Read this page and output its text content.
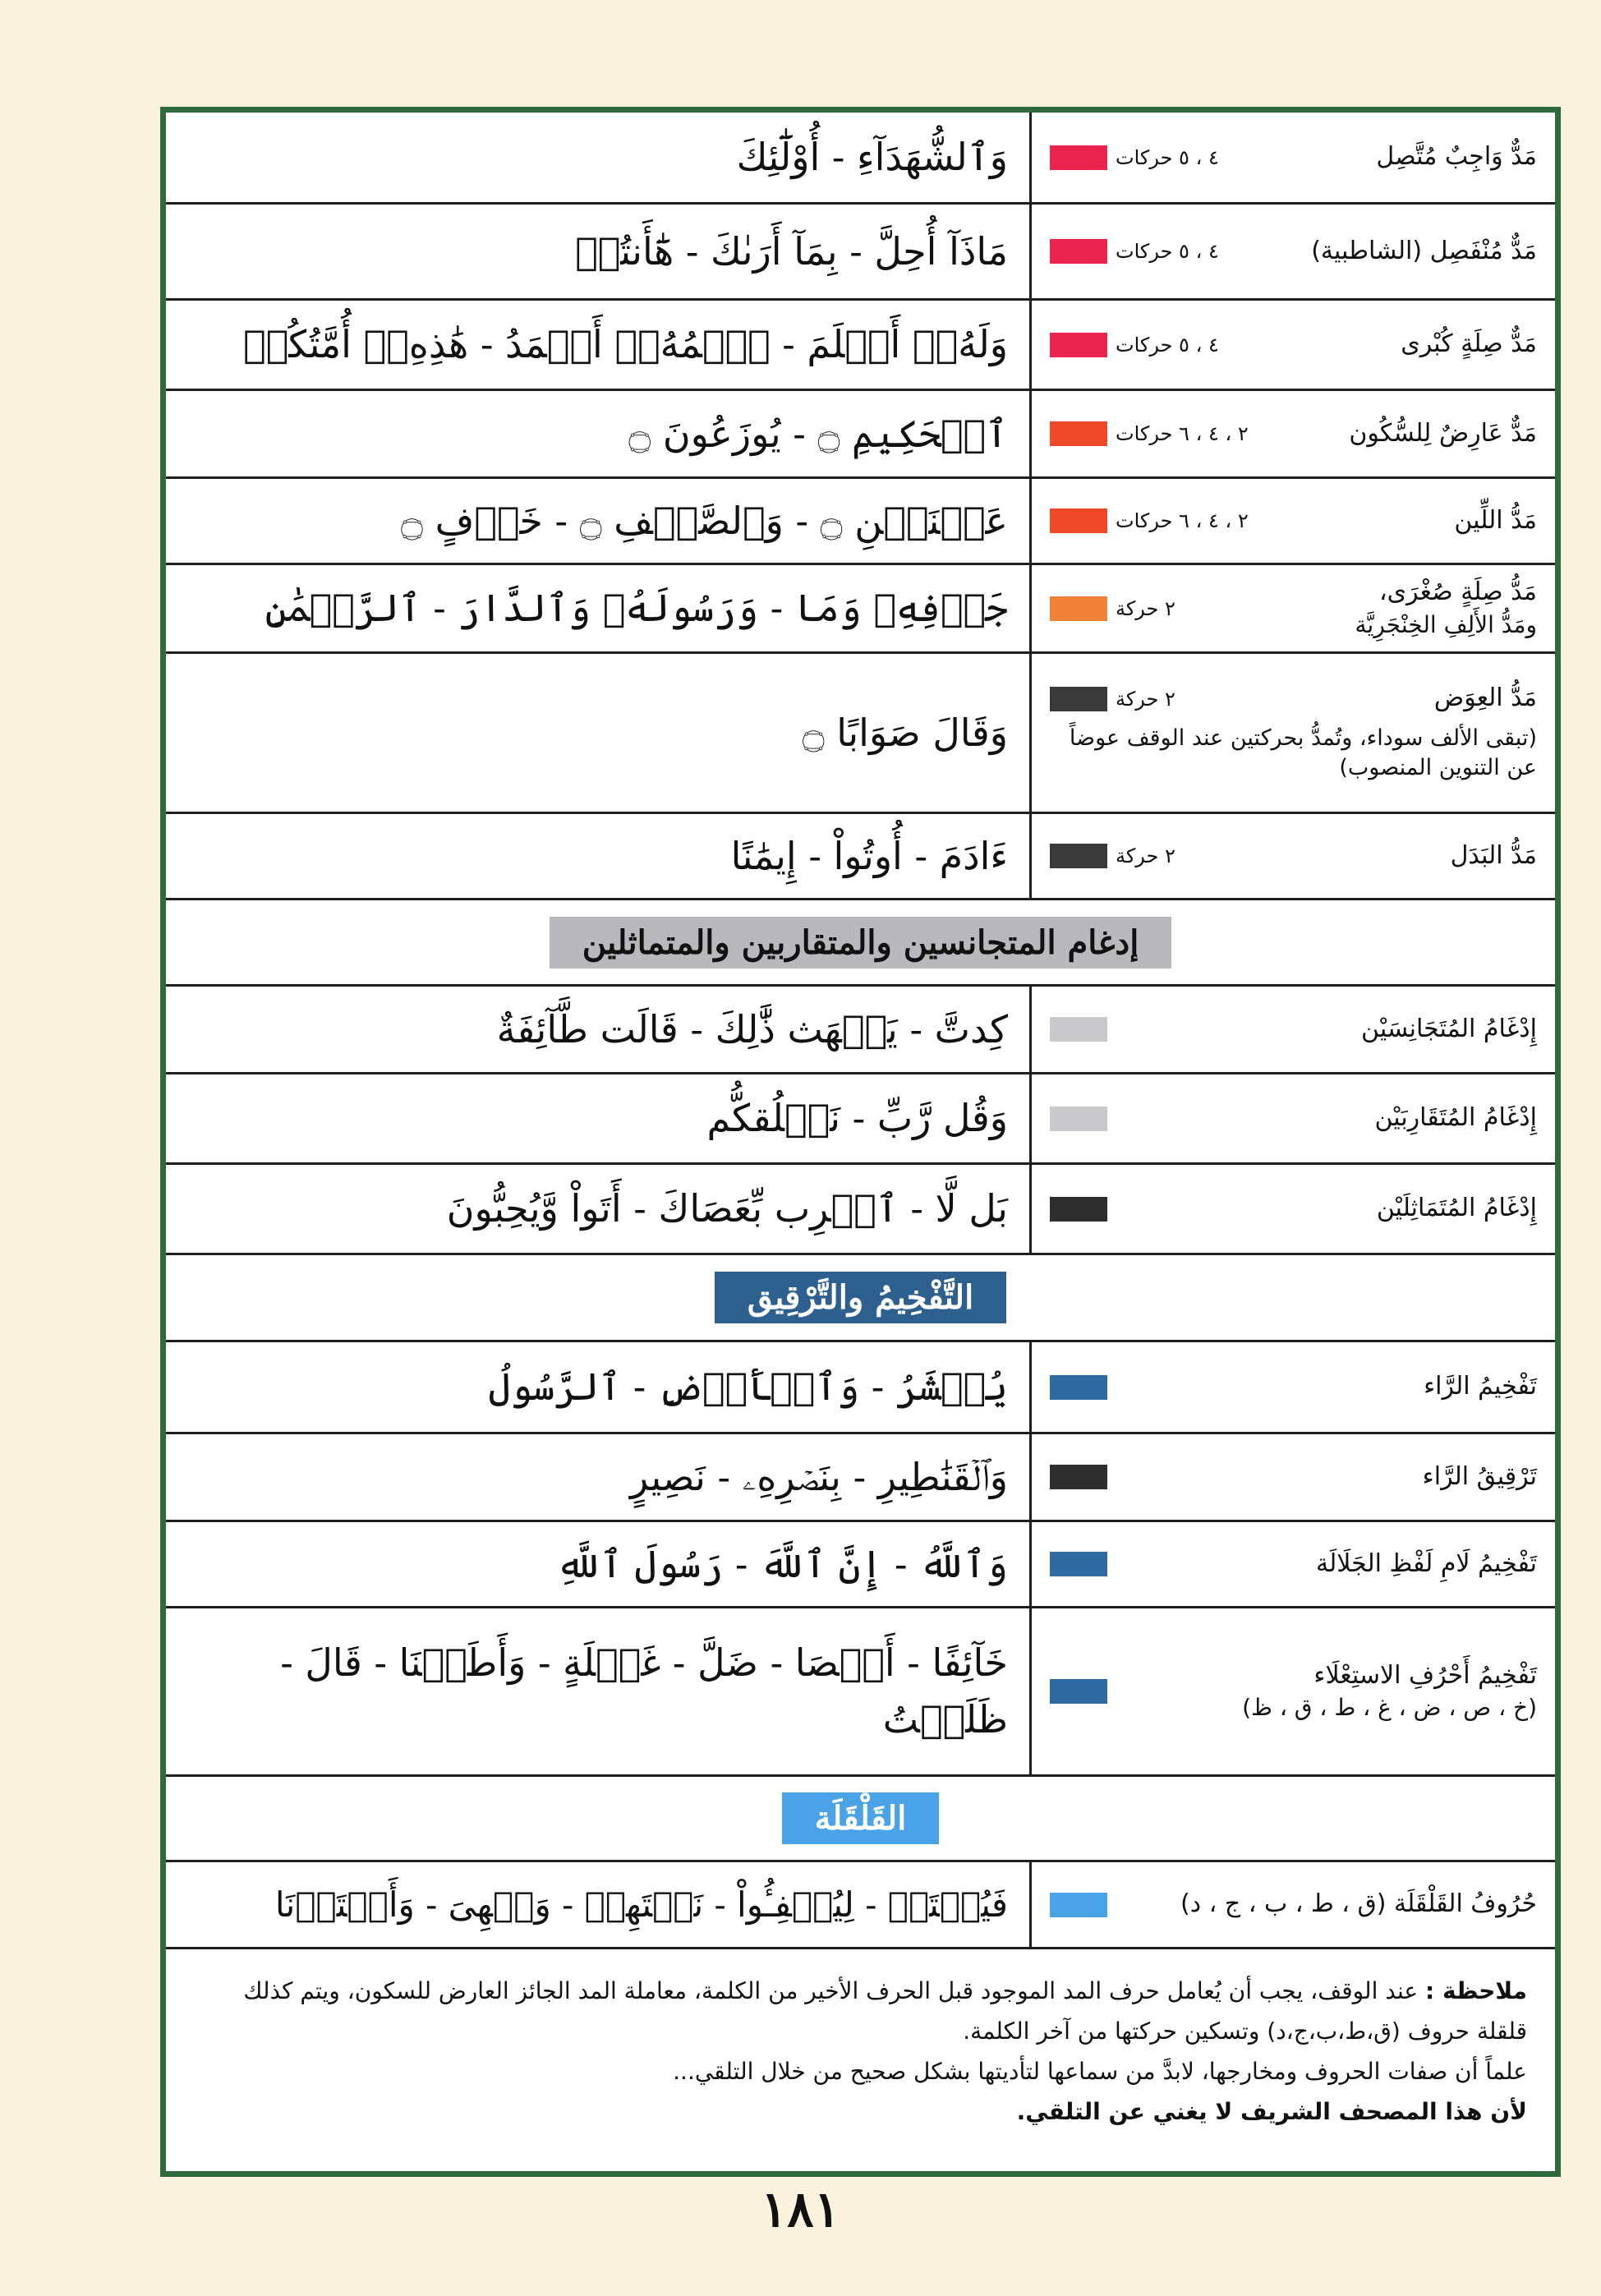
مَدٌّ وَاجِبٌ مُتَّصِل
٤ ، ٥ حركات
وَٱلشُّهَدَآءِ - أُوْلَٰٓئِكَ
مَدٌّ مُنْفَصِل (الشاطبية)
٤ ، ٥ حركات
مَاذَآ أُحِلَّ - بِمَآ أَرَىٰكَ - هَٰٓأَنتُمۡ
مَدٌّ صِلَةٍ كُبْرى
٤ ، ٥ حركات
وَلَهُۥٓ أَسۡلَمَ - ٱسۡمُهُۥٓ أَحۡمَدُ - هَٰذِهِۦٓ أُمَّتُكُمۡ
مَدٌّ عَارِضٌ لِلسُّكُون
٢ ، ٤ ، ٦ حركات
ٱلۡحَكِيمِ ۝ - يُوزَعُونَ ۝
مَدُّ اللِّين
٢ ، ٤ ، ٦ حركات
عَيۡنَيۡنِ ۝ - وَٱلصَّيۡفِ ۝ - خَوۡفٍ ۝
مَدُّ صِلَةٍ صُغْرَى،
ومَدُّ الأَلِفِ الخِنْجَرِيَّة
٢ حركة
جَوۡفِهِۦ وَمَا - وَرَسُولَهُۥ وَٱلدَّارَ - ٱلرَّحۡمَٰنِ
مَدُّ العِوَض
٢ حركة
(تبقى الألف سوداء، وتُمدُّ بحركتين عند الوقف عوضاً عن التنوين المنصوب)
وَقَالَ صَوَابًا ۝
مَدُّ البَدَل
٢ حركة
ءَادَمَ - أُوتُواْ - إِيمَٰنًا
إدغام المتجانسين والمتقاربين والمتماثلين
إِدْغَامُ المُتَجَانِسَيْن
كِدتَّ - يَلۡهَث ذَّٰلِكَ - قَالَت طَّآئِفَةٌ
إِدْغَامُ المُتَقَارِبَيْن
وَقُل رَّبِّ - نَخۡلُقكُّم
إِدْغَامُ المُتَمَاثِلَيْن
بَل لَّا - ٱضۡرِب بِّعَصَاكَ - أَتَواْ وَّيُحِبُّونَ
التَّفْخِيمُ والتَّرْقِيق
تَفْخِيمُ الرَّاء
يُحۡشَرُ - وَٱلۡأَرۡضِ - ٱلرَّسُولُ
تَرْقِيقُ الرَّاء
وَٱلۡقَنَٰطِيرِ - بِنَصۡرِهِۦ - نَصِيرٍ
تَفْخِيمُ لَامِ لَفْظِ الجَلَالَة
وَٱللَّهُ - إِنَّ ٱللَّهَ - رَسُولَ ٱللَّهِ
تَفْخِيمُ أَحْرُفِ الاستِعْلَاء
(خ ، ص ، ض ، غ ، ط ، ق ، ظ)
خَآئِفًا - أَقۡصَا - ضَلَّ - غَفۡلَةٍ - وَأَطَعۡنَا - قَالَ - ظَلَمۡتُ
القَلْقَلَة
حُرُوفُ القَلْقَلَة (ق ، ط ، ب ، ج ، د)
فَيُقۡتَلۡ - لِيُطۡفِـُٔواْ - نَبۡتَهِلۡ - وَجۡهِىَ - وَأَعۡتَدۡنَا
ملاحظة : عند الوقف، يجب أن يُعامل حرف المد الموجود قبل الحرف الأخير من الكلمة، معاملة المد الجائز العارض للسكون، ويتم كذلك قلقلة حروف (ق،ط،ب،ج،د) وتسكين حركتها من آخر الكلمة.
علماً أن صفات الحروف ومخارجها، لابدَّ من سماعها لتأديتها بشكل صحيح من خلال التلقي...
لأن هذا المصحف الشريف لا يغني عن التلقي.
١٨١
